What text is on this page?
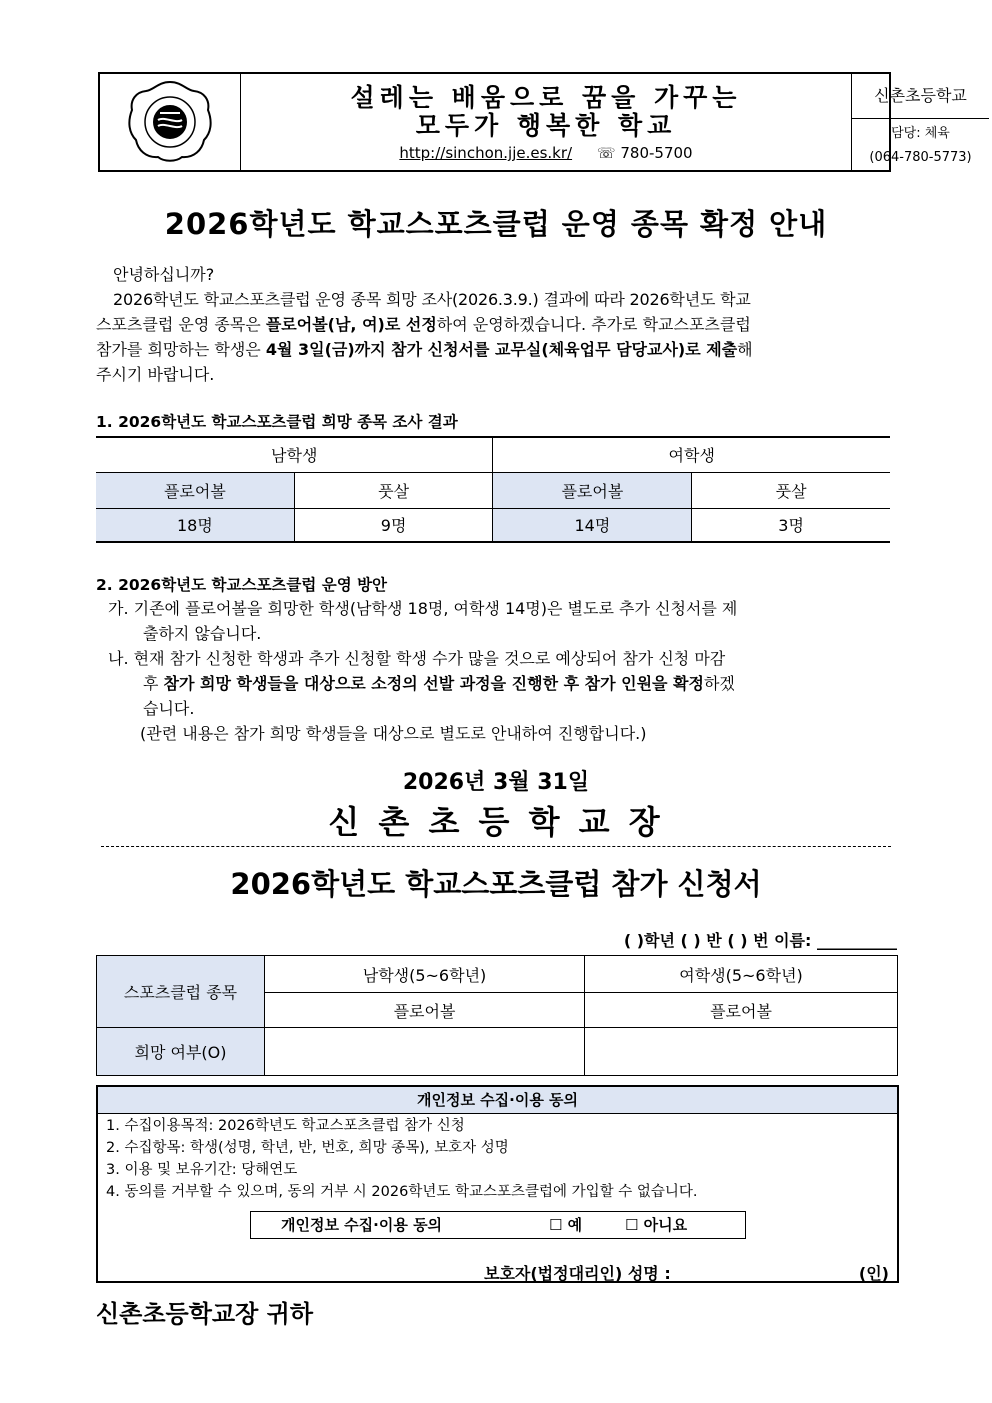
설레는 배움으로 꿈을 가꾸는
모두가 행복한 학교
http://sinchon.jje.es.kr/ ☏ 780-5700
신촌초등학교
담당: 체육
(064-780-5773)
2026학년도 학교스포츠클럽 운영 종목 확정 안내
안녕하십니까?
2026학년도 학교스포츠클럽 운영 종목 희망 조사(2026.3.9.) 결과에 따라 2026학년도 학교
스포츠클럽 운영 종목은 플로어볼(남, 여)로 선정하여 운영하겠습니다. 추가로 학교스포츠클럽
참가를 희망하는 학생은 4월 3일(금)까지 참가 신청서를 교무실(체육업무 담당교사)로 제출해
주시기 바랍니다.
1. 2026학년도 학교스포츠클럽 희망 종목 조사 결과
남학생		여학생	
플로어볼	풋살	플로어볼	풋살
18명	9명	14명	3명
2. 2026학년도 학교스포츠클럽 운영 방안
가. 기존에 플로어볼을 희망한 학생(남학생 18명, 여학생 14명)은 별도로 추가 신청서를 제
출하지 않습니다.
나. 현재 참가 신청한 학생과 추가 신청할 학생 수가 많을 것으로 예상되어 참가 신청 마감
후 참가 희망 학생들을 대상으로 소정의 선발 과정을 진행한 후 참가 인원을 확정하겠
습니다.
(관련 내용은 참가 희망 학생들을 대상으로 별도로 안내하여 진행합니다.)
2026년 3월 31일
신 촌 초 등 학 교 장
2026학년도 학교스포츠클럽 참가 신청서
( )학년 ( ) 반 ( ) 번 이름: __________
스포츠클럽 종목	남학생(5~6학년)	여학생(5~6학년)
	플로어볼	플로어볼
희망 여부(O)		
개인정보 수집·이용 동의
1. 수집이용목적: 2026학년도 학교스포츠클럽 참가 신청
2. 수집항목: 학생(성명, 학년, 반, 번호, 희망 종목), 보호자 성명
3. 이용 및 보유기간: 당해연도
4. 동의를 거부할 수 있으며, 동의 거부 시 2026학년도 학교스포츠클럽에 가입할 수 없습니다.
개인정보 수집·이용 동의	☐ 예	☐ 아니요
보호자(법정대리인) 성명 :	(인)
신촌초등학교장 귀하
